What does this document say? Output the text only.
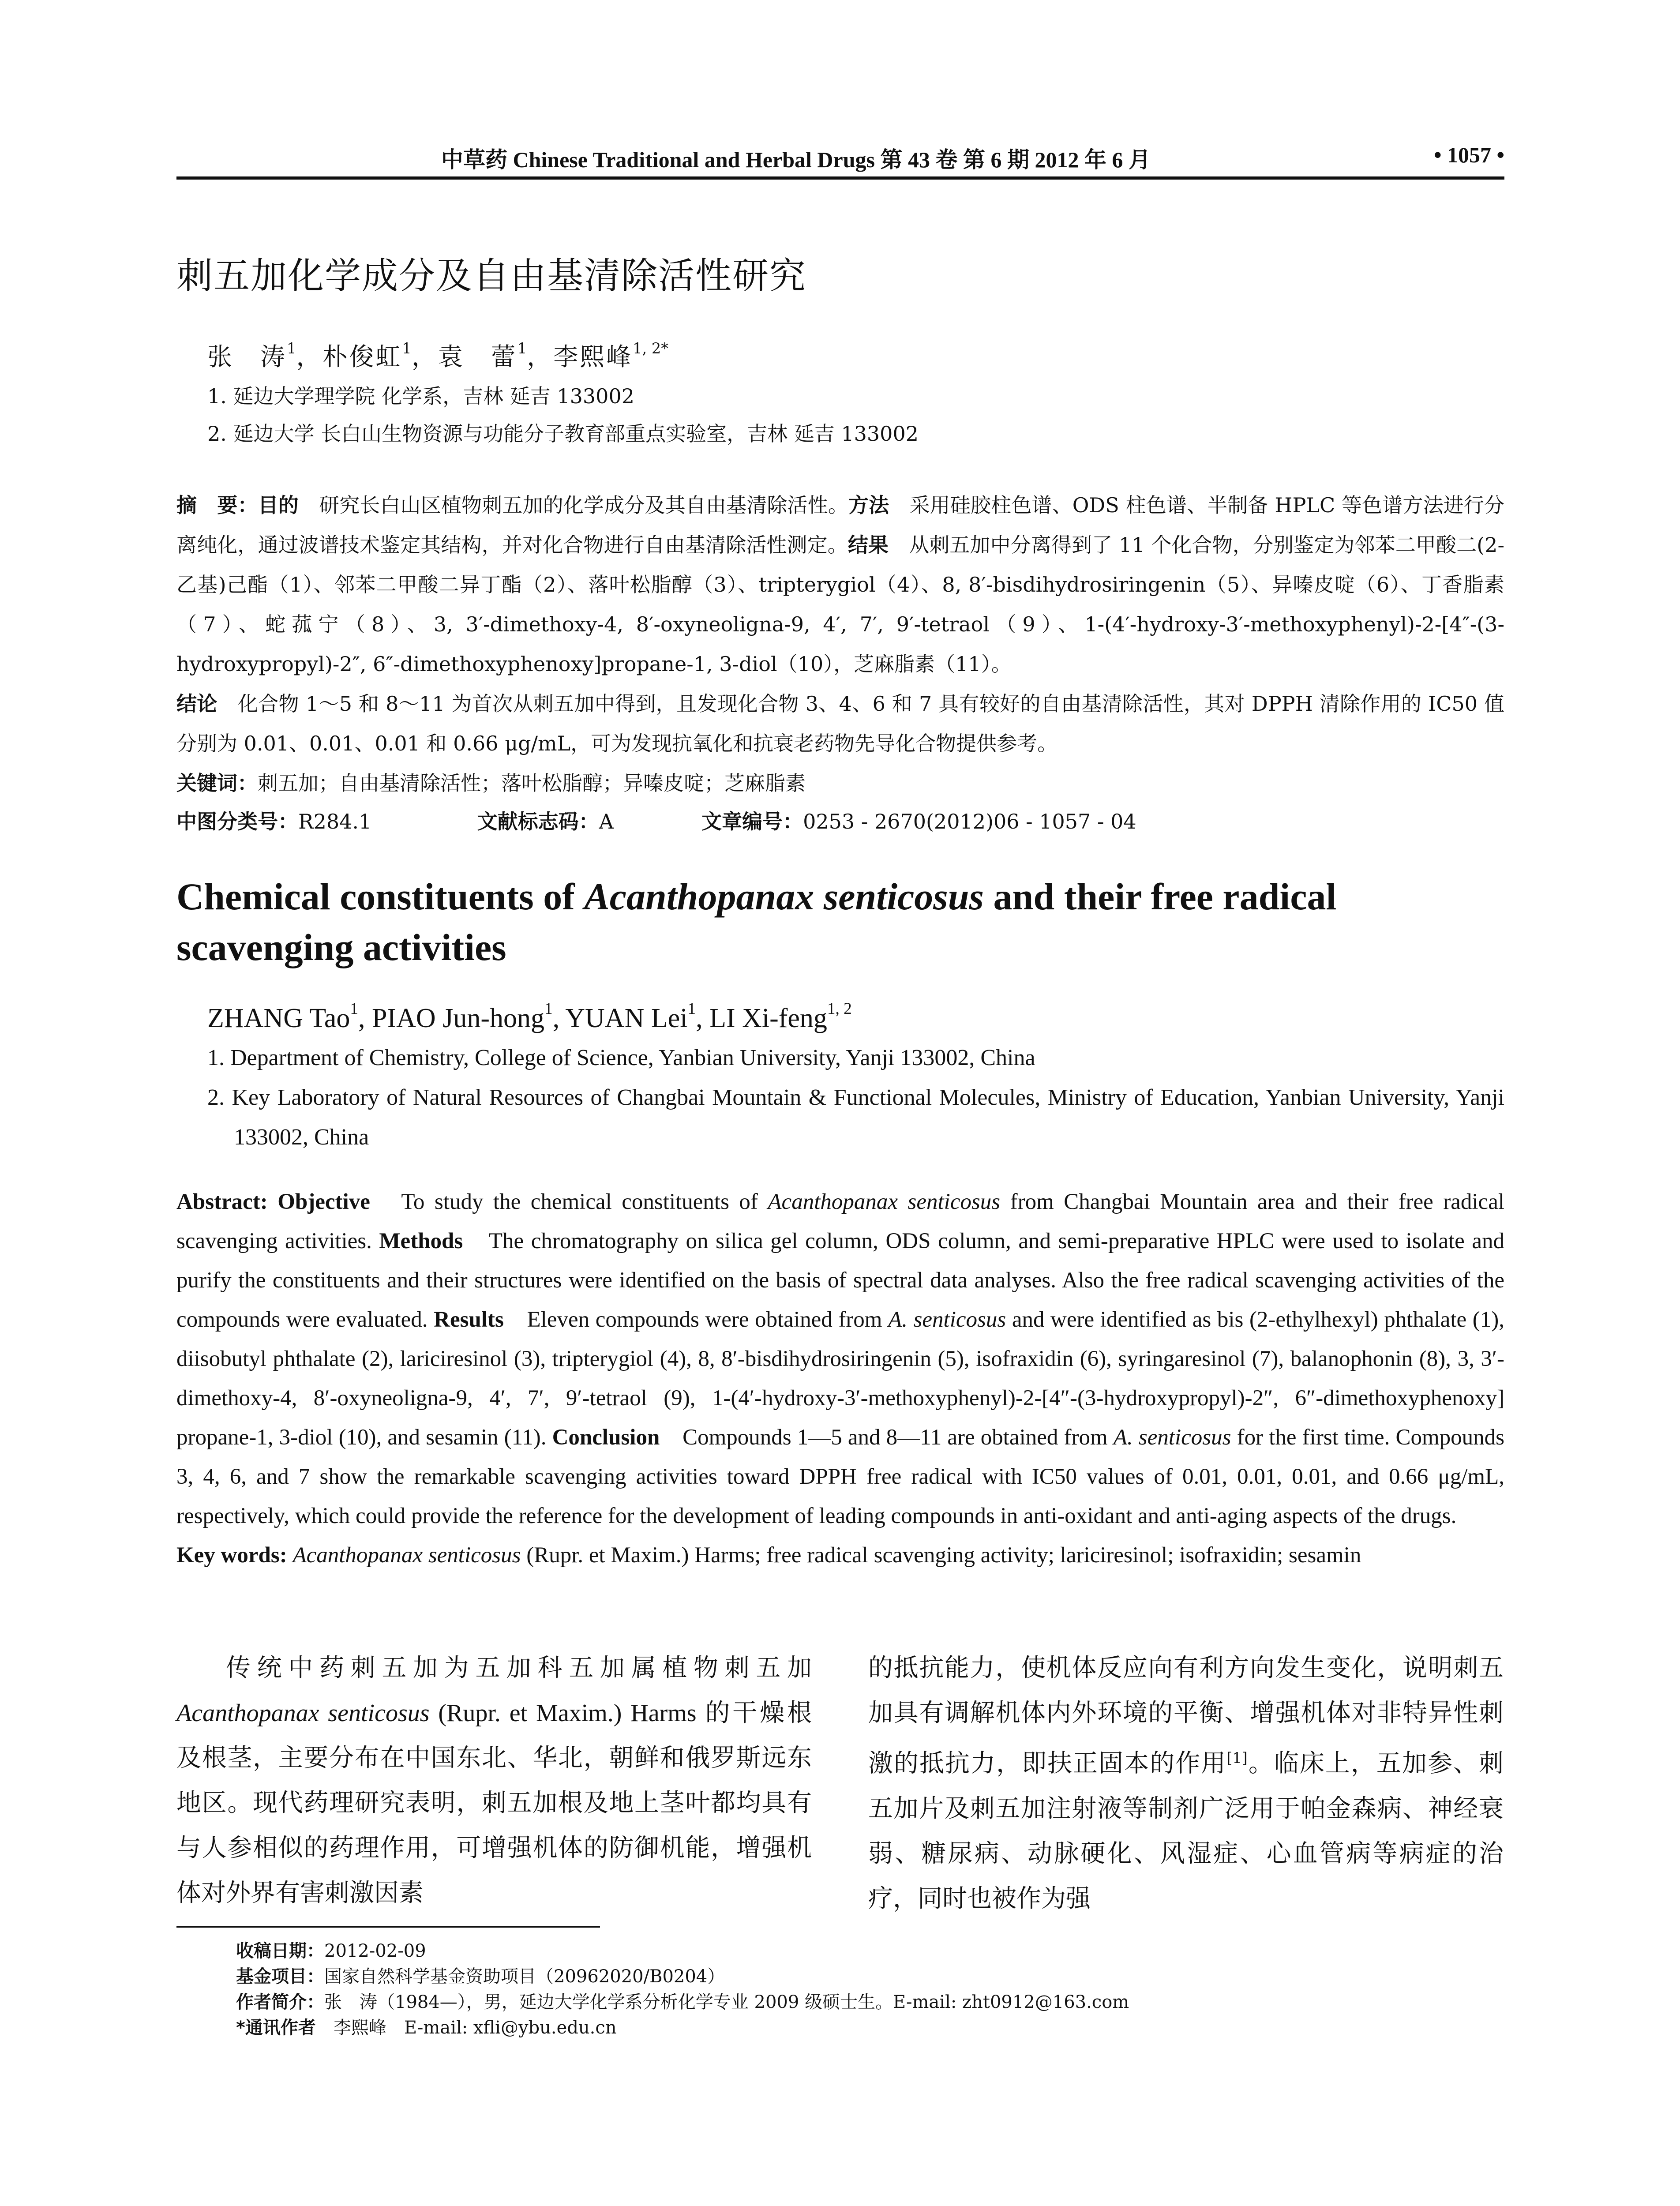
中草药 Chinese Traditional and Herbal Drugs 第 43 卷 第 6 期 2012 年 6 月	• 1057 •
刺五加化学成分及自由基清除活性研究
张　涛$^1$，朴俊虹$^1$，袁　蕾$^1$，李熙峰$^{1, 2*}$
1. 延边大学理学院 化学系，吉林 延吉 133002
2. 延边大学 长白山生物资源与功能分子教育部重点实验室，吉林 延吉 133002
摘　要：目的　研究长白山区植物刺五加的化学成分及其自由基清除活性。方法　采用硅胶柱色谱、ODS 柱色谱、半制备 HPLC 等色谱方法进行分离纯化，通过波谱技术鉴定其结构，并对化合物进行自由基清除活性测定。结果　从刺五加中分离得到了 11 个化合物，分别鉴定为邻苯二甲酸二(2-乙基)己酯（1）、邻苯二甲酸二异丁酯（2）、落叶松脂醇（3）、tripterygiol（4）、8, 8′-bisdihydrosiringenin（5）、异嗪皮啶（6）、丁香脂素（7）、蛇菰宁（8）、3, 3′-dimethoxy-4, 8′-oxyneoligna-9, 4′, 7′, 9′-tetraol（9）、1-(4′-hydroxy-3′-methoxyphenyl)-2-[4″-(3-hydroxypropyl)-2″, 6″-dimethoxyphenoxy]propane-1, 3-diol（10），芝麻脂素（11）。
结论　化合物 1～5 和 8～11 为首次从刺五加中得到，且发现化合物 3、4、6 和 7 具有较好的自由基清除活性，其对 DPPH 清除作用的 IC50 值分别为 0.01、0.01、0.01 和 0.66 μg/mL，可为发现抗氧化和抗衰老药物先导化合物提供参考。
关键词：刺五加；自由基清除活性；落叶松脂醇；异嗪皮啶；芝麻脂素
中图分类号：R284.1	文献标志码：A	文章编号：0253 - 2670(2012)06 - 1057 - 04
Chemical constituents of Acanthopanax senticosus and their free radical scavenging activities
ZHANG Tao$^1$, PIAO Jun-hong$^1$, YUAN Lei$^1$, LI Xi-feng$^{1, 2}$
1. Department of Chemistry, College of Science, Yanbian University, Yanji 133002, China
2. Key Laboratory of Natural Resources of Changbai Mountain & Functional Molecules, Ministry of Education, Yanbian University, Yanji 133002, China
Abstract: Objective　To study the chemical constituents of Acanthopanax senticosus from Changbai Mountain area and their free radical scavenging activities. Methods　The chromatography on silica gel column, ODS column, and semi-preparative HPLC were used to isolate and purify the constituents and their structures were identified on the basis of spectral data analyses. Also the free radical scavenging activities of the compounds were evaluated. Results　Eleven compounds were obtained from A. senticosus and were identified as bis (2-ethylhexyl) phthalate (1), diisobutyl phthalate (2), lariciresinol (3), tripterygiol (4), 8, 8′-bisdihydrosiringenin (5), isofraxidin (6), syringaresinol (7), balanophonin (8), 3, 3′-dimethoxy-4, 8′-oxyneoligna-9, 4′, 7′, 9′-tetraol (9), 1-(4′-hydroxy-3′-methoxyphenyl)-2-[4″-(3-hydroxypropyl)-2″, 6″-dimethoxyphenoxy] propane-1, 3-diol (10), and sesamin (11). Conclusion　Compounds 1—5 and 8—11 are obtained from A. senticosus for the first time. Compounds 3, 4, 6, and 7 show the remarkable scavenging activities toward DPPH free radical with IC50 values of 0.01, 0.01, 0.01, and 0.66 μg/mL, respectively, which could provide the reference for the development of leading compounds in anti-oxidant and anti-aging aspects of the drugs.
Key words: Acanthopanax senticosus (Rupr. et Maxim.) Harms; free radical scavenging activity; lariciresinol; isofraxidin; sesamin
传统中药刺五加为五加科五加属植物刺五加 Acanthopanax senticosus (Rupr. et Maxim.) Harms 的干燥根及根茎，主要分布在中国东北、华北，朝鲜和俄罗斯远东地区。现代药理研究表明，刺五加根及地上茎叶都均具有与人参相似的药理作用，可增强机体的防御机能，增强机体对外界有害刺激因素
的抵抗能力，使机体反应向有利方向发生变化，说明刺五加具有调解机体内外环境的平衡、增强机体对非特异性刺激的抵抗力，即扶正固本的作用[1]。临床上，五加参、刺五加片及刺五加注射液等制剂广泛用于帕金森病、神经衰弱、糖尿病、动脉硬化、风湿症、心血管病等病症的治疗，同时也被作为强
收稿日期：2012-02-09
基金项目：国家自然科学基金资助项目（20962020/B0204）
作者简介：张　涛（1984—），男，延边大学化学系分析化学专业 2009 级硕士生。E-mail: zht0912@163.com
*通讯作者　李熙峰　E-mail: xfli@ybu.edu.cn
